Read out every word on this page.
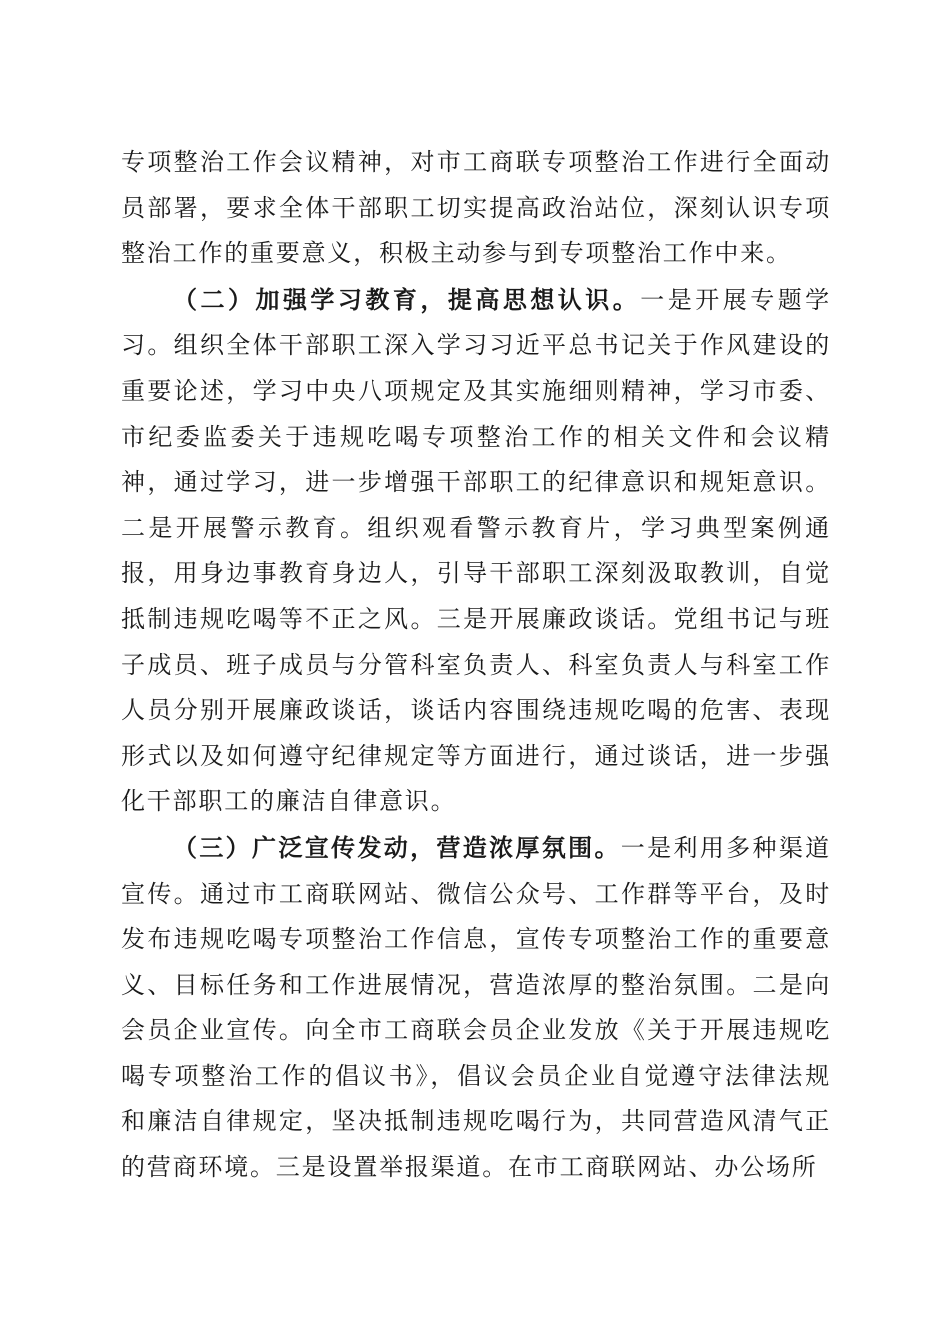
专项整治工作会议精神，对市工商联专项整治工作进行全面动员部署，要求全体干部职工切实提高政治站位，深刻认识专项整治工作的重要意义，积极主动参与到专项整治工作中来。

（二）加强学习教育，提高思想认识。一是开展专题学习。组织全体干部职工深入学习习近平总书记关于作风建设的重要论述，学习中央八项规定及其实施细则精神，学习市委、市纪委监委关于违规吃喝专项整治工作的相关文件和会议精神，通过学习，进一步增强干部职工的纪律意识和规矩意识。二是开展警示教育。组织观看警示教育片，学习典型案例通报，用身边事教育身边人，引导干部职工深刻汲取教训，自觉抵制违规吃喝等不正之风。三是开展廉政谈话。党组书记与班子成员、班子成员与分管科室负责人、科室负责人与科室工作人员分别开展廉政谈话，谈话内容围绕违规吃喝的危害、表现形式以及如何遵守纪律规定等方面进行，通过谈话，进一步强化干部职工的廉洁自律意识。

（三）广泛宣传发动，营造浓厚氛围。一是利用多种渠道宣传。通过市工商联网站、微信公众号、工作群等平台，及时发布违规吃喝专项整治工作信息，宣传专项整治工作的重要意义、目标任务和工作进展情况，营造浓厚的整治氛围。二是向会员企业宣传。向全市工商联会员企业发放《关于开展违规吃喝专项整治工作的倡议书》，倡议会员企业自觉遵守法律法规和廉洁自律规定，坚决抵制违规吃喝行为，共同营造风清气正的营商环境。三是设置举报渠道。在市工商联网站、办公场所
